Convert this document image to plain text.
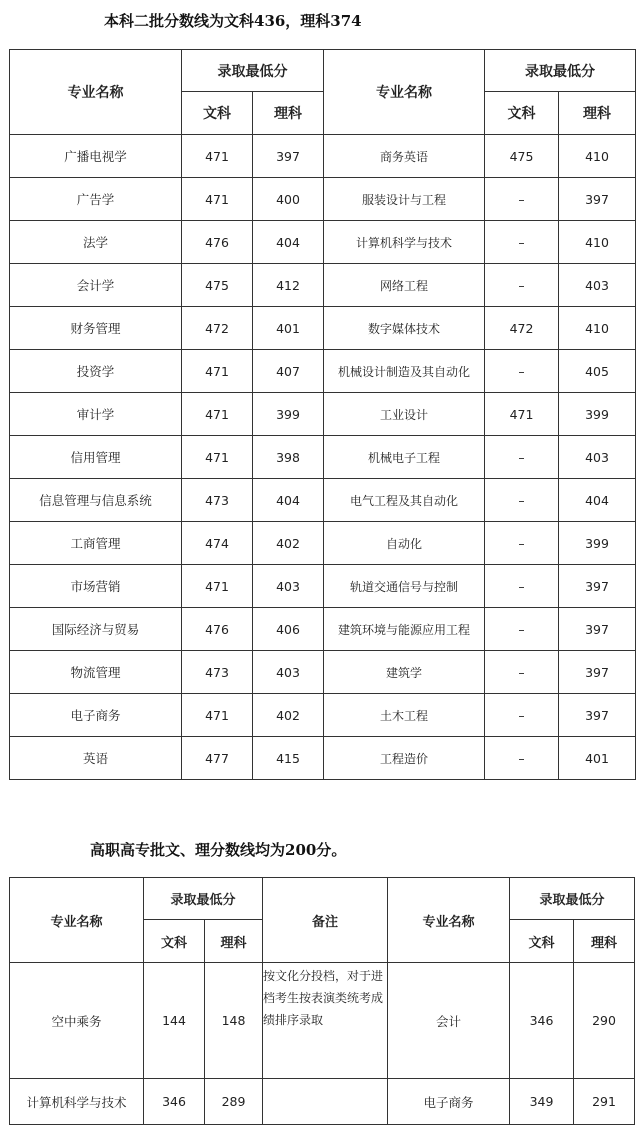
本科二批分数线为文科436，理科374
专业名称	录取最低分		专业名称	录取最低分	
	文科	理科		文科	理科
广播电视学	471	397	商务英语	475	410
广告学	471	400	服装设计与工程	–	397
法学	476	404	计算机科学与技术	–	410
会计学	475	412	网络工程	–	403
财务管理	472	401	数字媒体技术	472	410
投资学	471	407	机械设计制造及其自动化	–	405
审计学	471	399	工业设计	471	399
信用管理	471	398	机械电子工程	–	403
信息管理与信息系统	473	404	电气工程及其自动化	–	404
工商管理	474	402	自动化	–	399
市场营销	471	403	轨道交通信号与控制	–	397
国际经济与贸易	476	406	建筑环境与能源应用工程	–	397
物流管理	473	403	建筑学	–	397
电子商务	471	402	土木工程	–	397
英语	477	415	工程造价	–	401
高职高专批文、理分数线均为200分。
专业名称	录取最低分		备注	专业名称	录取最低分	
	文科	理科			文科	理科
空中乘务	144	148	按文化分投档，对于进档考生按表演类统考成绩排序录取	会计	346	290
计算机科学与技术	346	289		电子商务	349	291
